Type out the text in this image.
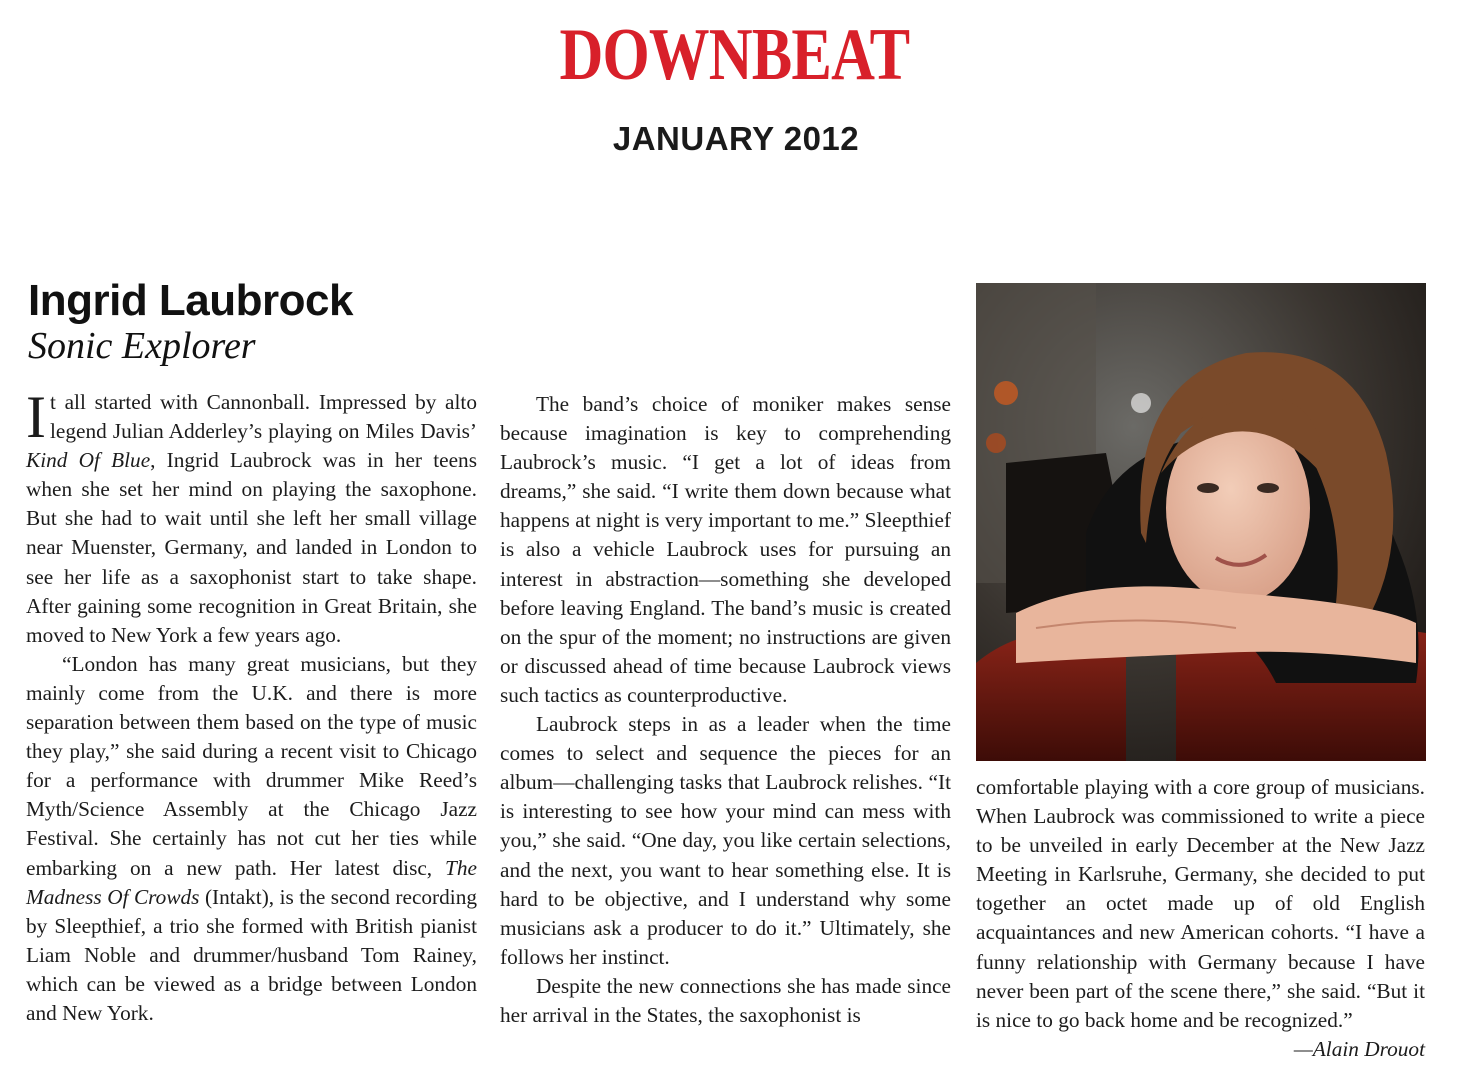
DOWNBEAT
JANUARY 2012
Ingrid Laubrock
Sonic Explorer

It all started with Cannonball. Impressed by alto legend Julian Adderley’s playing on Miles Davis’ Kind Of Blue, Ingrid Laubrock was in her teens when she set her mind on playing the saxophone. But she had to wait until she left her small village near Muenster, Germany, and landed in London to see her life as a saxophonist start to take shape. After gaining some recognition in Great Britain, she moved to New York a few years ago.

“London has many great musicians, but they mainly come from the U.K. and there is more separation between them based on the type of music they play,” she said during a recent visit to Chicago for a performance with drummer Mike Reed’s Myth/Science Assembly at the Chicago Jazz Festival. She certainly has not cut her ties while embarking on a new path. Her latest disc, The Madness Of Crowds (Intakt), is the second recording by Sleepthief, a trio she formed with British pianist Liam Noble and drummer/husband Tom Rainey, which can be viewed as a bridge between London and New York.

The band’s choice of moniker makes sense because imagination is key to comprehending Laubrock’s music. “I get a lot of ideas from dreams,” she said. “I write them down because what happens at night is very important to me.” Sleepthief is also a vehicle Laubrock uses for pursuing an interest in abstraction—something she developed before leaving England. The band’s music is created on the spur of the moment; no instructions are given or discussed ahead of time because Laubrock views such tactics as counterproductive.

Laubrock steps in as a leader when the time comes to select and sequence the pieces for an album—challenging tasks that Laubrock relishes. “It is interesting to see how your mind can mess with you,” she said. “One day, you like certain selections, and the next, you want to hear something else. It is hard to be objective, and I understand why some musicians ask a producer to do it.” Ultimately, she follows her instinct.

Despite the new connections she has made since her arrival in the States, the saxophonist is

comfortable playing with a core group of musicians. When Laubrock was commissioned to write a piece to be unveiled in early December at the New Jazz Meeting in Karlsruhe, Germany, she decided to put together an octet made up of old English acquaintances and new American cohorts. “I have a funny relationship with Germany because I have never been part of the scene there,” she said. “But it is nice to go back home and be recognized.”
—Alain Drouot
